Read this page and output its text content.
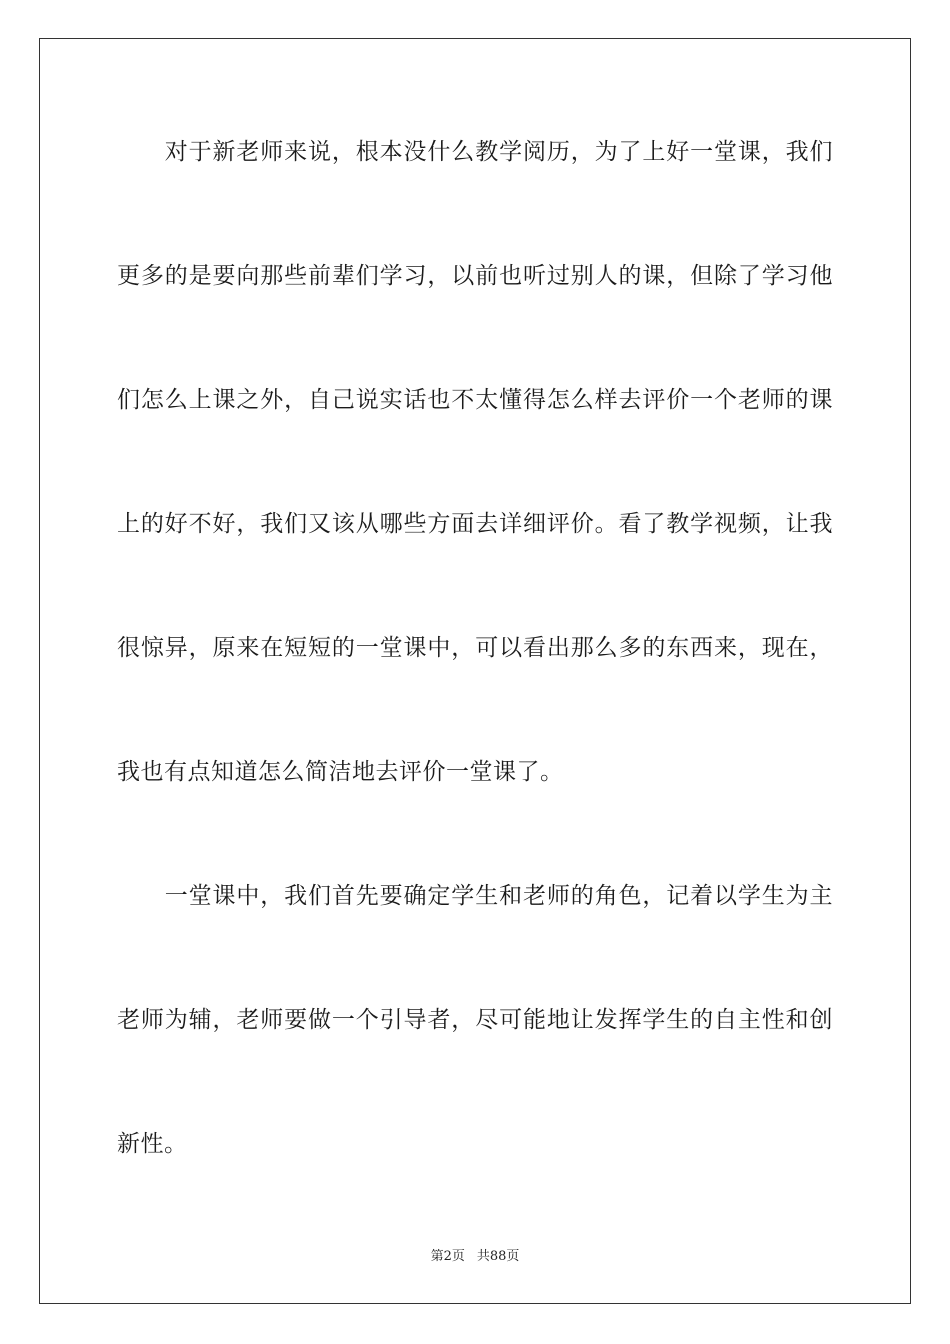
　　对于新老师来说，根本没什么教学阅历，为了上好一堂课，我们
更多的是要向那些前辈们学习，以前也听过别人的课，但除了学习他
们怎么上课之外，自己说实话也不太懂得怎么样去评价一个老师的课
上的好不好，我们又该从哪些方面去详细评价。看了教学视频，让我
很惊异，原来在短短的一堂课中，可以看出那么多的东西来，现在，
我也有点知道怎么简洁地去评价一堂课了。
　　一堂课中，我们首先要确定学生和老师的角色，记着以学生为主
老师为辅，老师要做一个引导者，尽可能地让发挥学生的自主性和创
新性。
第2页 共88页
